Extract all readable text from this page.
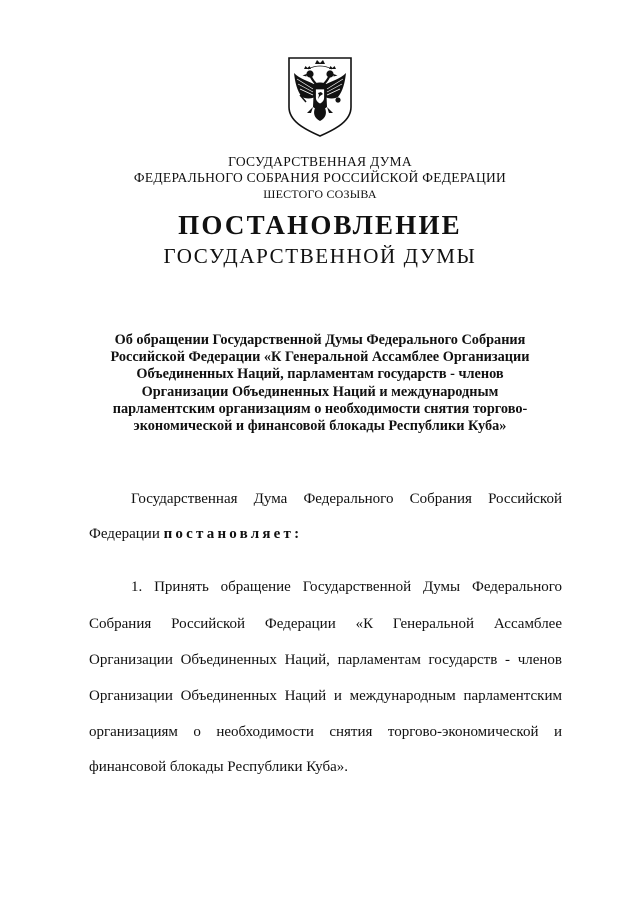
ГОСУДАРСТВЕННАЯ ДУМА
ФЕДЕРАЛЬНОГО СОБРАНИЯ РОССИЙСКОЙ ФЕДЕРАЦИИ
ШЕСТОГО СОЗЫВА
ПОСТАНОВЛЕНИЕ
ГОСУДАРСТВЕННОЙ ДУМЫ
Об обращении Государственной Думы Федерального Собрания
Российской Федерации «К Генеральной Ассамблее Организации
Объединенных Наций, парламентам государств - членов
Организации Объединенных Наций и международным
парламентским организациям о необходимости снятия торгово-
экономической и финансовой блокады Республики Куба»
Государственная Дума Федерального Собрания Российской
Федерации постановляет:
1. Принять обращение Государственной Думы Федерального
Собрания Российской Федерации «К Генеральной Ассамблее
Организации Объединенных Наций, парламентам государств - членов
Организации Объединенных Наций и международным парламентским
организациям о необходимости снятия торгово-экономической и
финансовой блокады Республики Куба».
